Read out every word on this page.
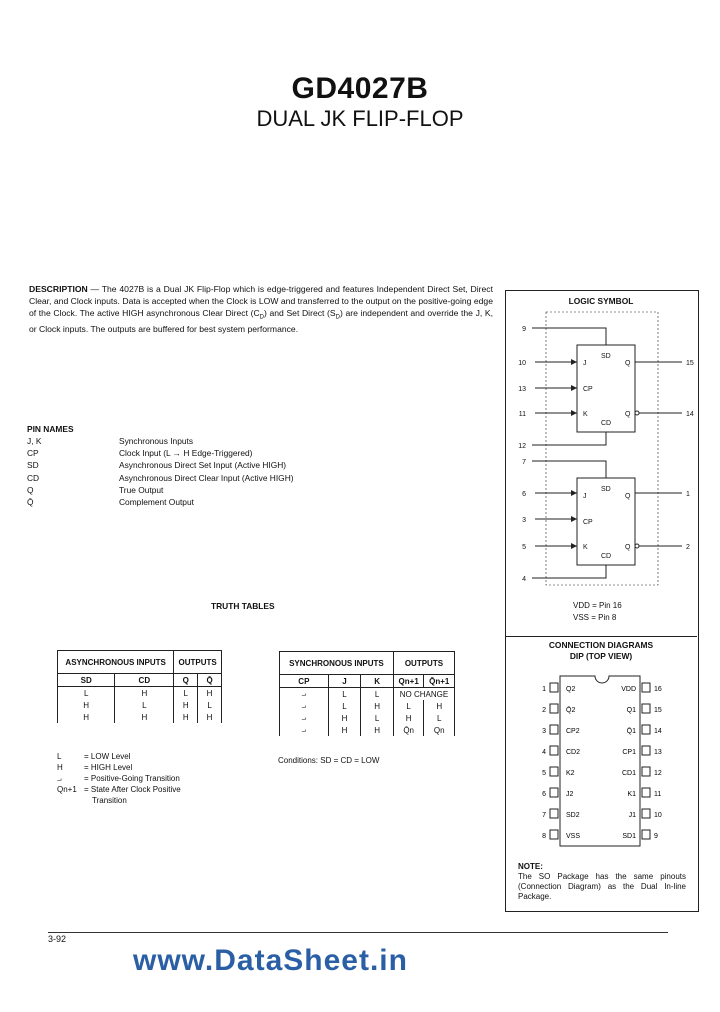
GD4027B
DUAL JK FLIP-FLOP
DESCRIPTION — The 4027B is a Dual JK Flip-Flop which is edge-triggered and features Independent Direct Set, Direct Clear, and Clock inputs. Data is accepted when the Clock is LOW and transferred to the output on the positive-going edge of the Clock. The active HIGH asynchronous Clear Direct $(C_D)$ and Set Direct $(S_D)$ are independent and override the J, K, or Clock inputs. The outputs are buffered for best system performance.
PIN NAMES
J, K	Synchronous Inputs
CP	Clock Input (L → H Edge-Triggered)
SD	Asynchronous Direct Set Input (Active HIGH)
CD	Asynchronous Direct Clear Input (Active HIGH)
Q	True Output
Q̄	Complement Output
TRUTH TABLES
ASYNCHRONOUS INPUTS		OUTPUTS	
SD	CD	Q	Q̄
L	H	L	H
H	L	H	L
H	H	H	H
SYNCHRONOUS INPUTS			OUTPUTS	
CP	J	K	Qn+1	Q̄n+1
⨼	L	L	NO CHANGE	
⨼	L	H	L	H
⨼	H	L	H	L
⨼	H	H	Q̄n	Qn
Conditions: SD = CD = LOW
L	= LOW Level
H	= HIGH Level
⨼	= Positive-Going Transition
Qn+1 = State After Clock Positive
Transition
LOGIC SYMBOL
9
10
13
11
12
15
14
SD
J
CP
K
CD
Q
Q
7
6
3
5
4
1
2
SD
J
CP
K
CD
Q
Q
VDD = Pin 16
VSS = Pin 8
CONNECTION DIAGRAMS
DIP (TOP VIEW)
1	Q2
2	Q̄2
3	CP2
4	CD2
5	K2
6	J2
7	SD2
8	VSS
16
VDD
15
Q1
14
Q̄1
13
CP1
12
CD1
11
K1
10
J1
9
SD1
NOTE:
The SO Package has the same pinouts (Connection Diagram) as the Dual In-line Package.
3-92
www.DataSheet.in
